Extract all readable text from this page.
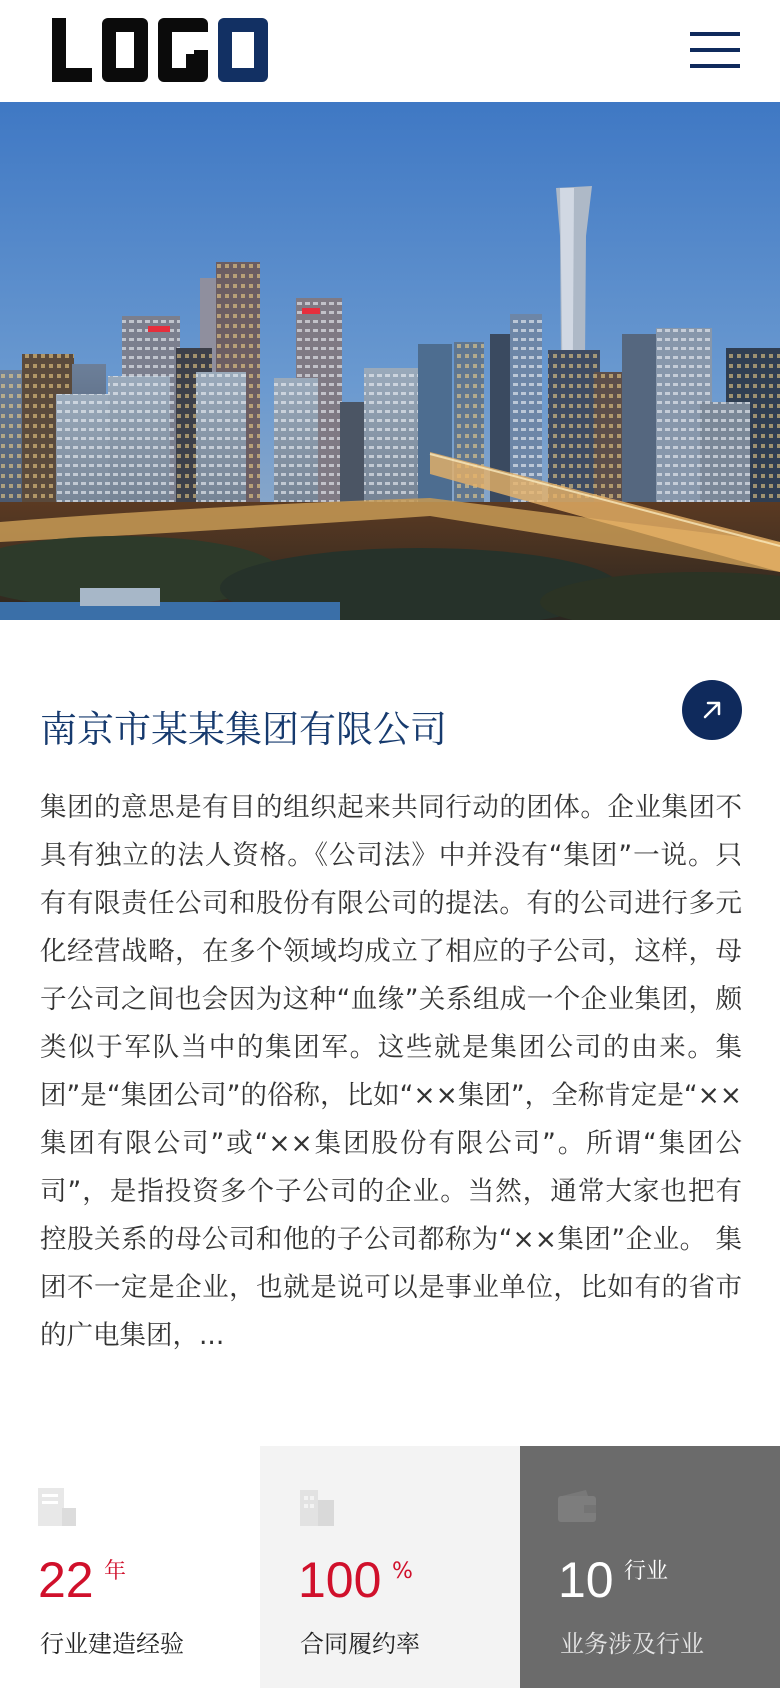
南京市某某集团有限公司

集团的意思是有目的组织起来共同行动的团体。企业集团不具有独立的法人资格。《公司法》中并没有“集团”一说。只有有限责任公司和股份有限公司的提法。有的公司进行多元化经营战略，在多个领域均成立了相应的子公司，这样，母子公司之间也会因为这种“血缘”关系组成一个企业集团，颇类似于军队当中的集团军。这些就是集团公司的由来。集团”是“集团公司”的俗称，比如“××集团”，全称肯定是“××集团有限公司”或“××集团股份有限公司”。所谓“集团公司”，是指投资多个子公司的企业。当然，通常大家也把有控股关系的母公司和他的子公司都称为“××集团”企业。 集团不一定是企业，也就是说可以是事业单位，比如有的省市的广电集团，...

22 年
行业建造经验
100 %
合同履约率
10 行业
业务涉及行业
